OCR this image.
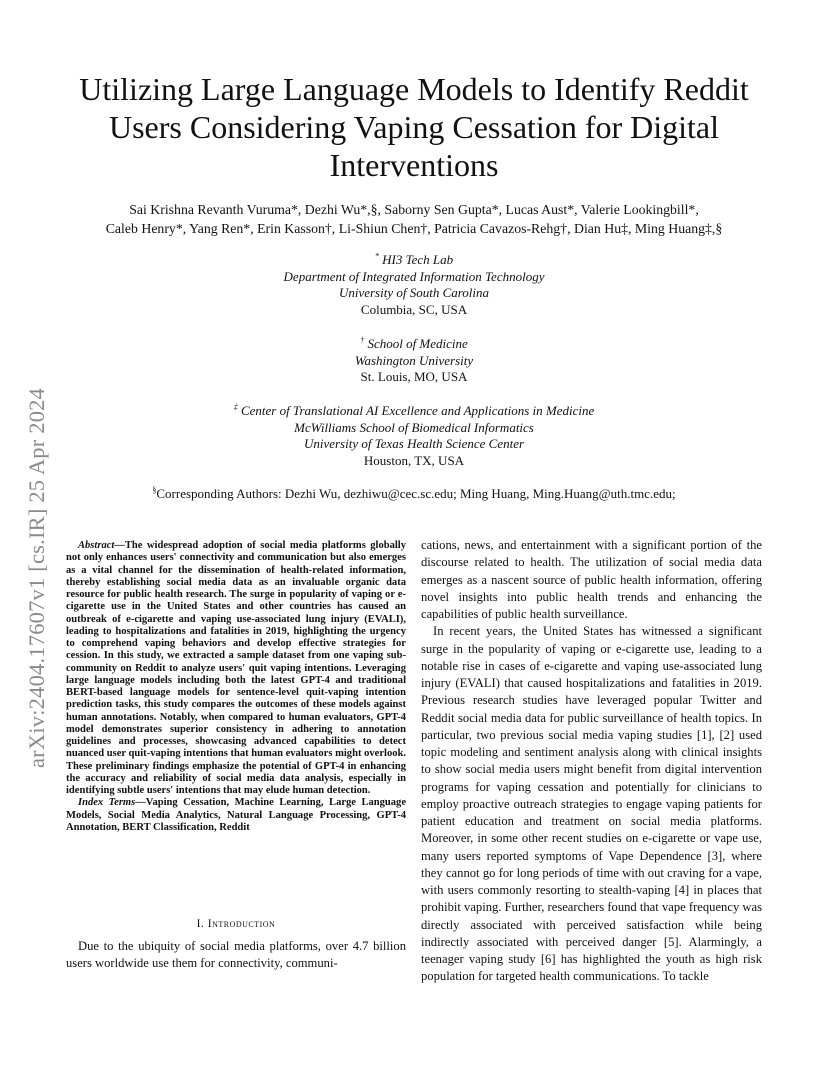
arXiv:2404.17607v1 [cs.IR] 25 Apr 2024
Utilizing Large Language Models to Identify Reddit Users Considering Vaping Cessation for Digital Interventions
Sai Krishna Revanth Vuruma*, Dezhi Wu*,§, Saborny Sen Gupta*, Lucas Aust*, Valerie Lookingbill*,
Caleb Henry*, Yang Ren*, Erin Kasson†, Li-Shiun Chen†, Patricia Cavazos-Rehg†, Dian Hu‡, Ming Huang‡,§
* HI3 Tech Lab
Department of Integrated Information Technology
University of South Carolina
Columbia, SC, USA
† School of Medicine
Washington University
St. Louis, MO, USA
‡ Center of Translational AI Excellence and Applications in Medicine
McWilliams School of Biomedical Informatics
University of Texas Health Science Center
Houston, TX, USA
§Corresponding Authors: Dezhi Wu, dezhiwu@cec.sc.edu; Ming Huang, Ming.Huang@uth.tmc.edu;

Abstract—The widespread adoption of social media platforms globally not only enhances users' connectivity and communication but also emerges as a vital channel for the dissemination of health-related information, thereby establishing social media data as an invaluable organic data resource for public health research. The surge in popularity of vaping or e-cigarette use in the United States and other countries has caused an outbreak of e-cigarette and vaping use-associated lung injury (EVALI), leading to hospitalizations and fatalities in 2019, highlighting the urgency to comprehend vaping behaviors and develop effective strategies for cession. In this study, we extracted a sample dataset from one vaping sub-community on Reddit to analyze users' quit vaping intentions. Leveraging large language models including both the latest GPT-4 and traditional BERT-based language models for sentence-level quit-vaping intention prediction tasks, this study compares the outcomes of these models against human annotations. Notably, when compared to human evaluators, GPT-4 model demonstrates superior consistency in adhering to annotation guidelines and processes, showcasing advanced capabilities to detect nuanced user quit-vaping intentions that human evaluators might overlook. These preliminary findings emphasize the potential of GPT-4 in enhancing the accuracy and reliability of social media data analysis, especially in identifying subtle users' intentions that may elude human detection.

Index Terms—Vaping Cessation, Machine Learning, Large Language Models, Social Media Analytics, Natural Language Processing, GPT-4 Annotation, BERT Classification, Reddit

I. Introduction

Due to the ubiquity of social media platforms, over 4.7 billion users worldwide use them for connectivity, communi-

cations, news, and entertainment with a significant portion of the discourse related to health. The utilization of social media data emerges as a nascent source of public health information, offering novel insights into public health trends and enhancing the capabilities of public health surveillance.

In recent years, the United States has witnessed a significant surge in the popularity of vaping or e-cigarette use, leading to a notable rise in cases of e-cigarette and vaping use-associated lung injury (EVALI) that caused hospitalizations and fatalities in 2019. Previous research studies have leveraged popular Twitter and Reddit social media data for public surveillance of health topics. In particular, two previous social media vaping studies [1], [2] used topic modeling and sentiment analysis along with clinical insights to show social media users might benefit from digital intervention programs for vaping cessation and potentially for clinicians to employ proactive outreach strategies to engage vaping patients for patient education and treatment on social media platforms. Moreover, in some other recent studies on e-cigarette or vape use, many users reported symptoms of Vape Dependence [3], where they cannot go for long periods of time with out craving for a vape, with users commonly resorting to stealth-vaping [4] in places that prohibit vaping. Further, researchers found that vape frequency was directly associated with perceived satisfaction while being indirectly associated with perceived danger [5]. Alarmingly, a teenager vaping study [6] has highlighted the youth as high risk population for targeted health communications. To tackle
